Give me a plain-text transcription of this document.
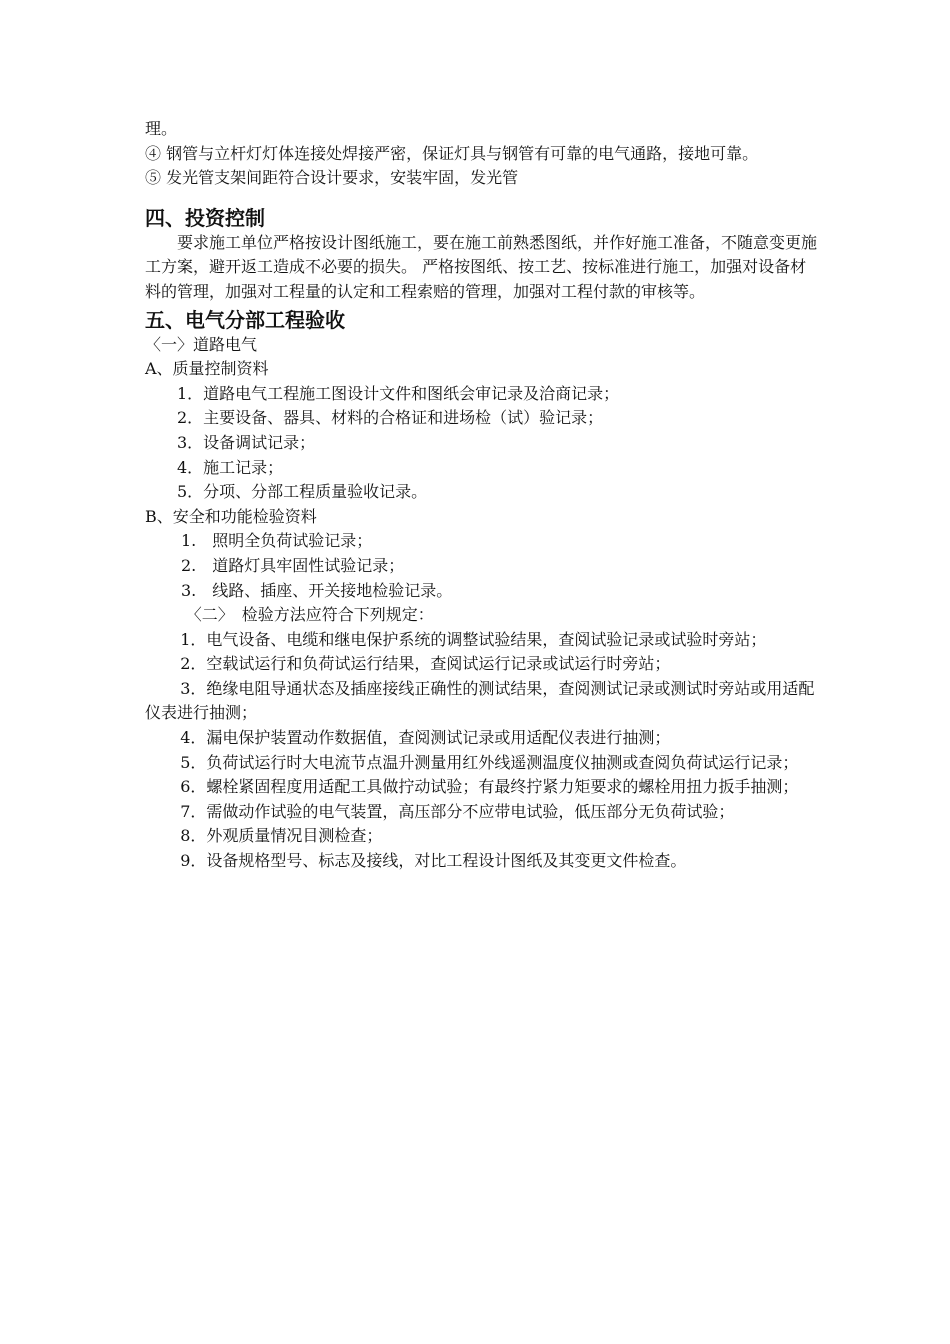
理。
④ 钢管与立杆灯灯体连接处焊接严密，保证灯具与钢管有可靠的电气通路，接地可靠。
⑤ 发光管支架间距符合设计要求，安装牢固，发光管
四、投资控制
要求施工单位严格按设计图纸施工，要在施工前熟悉图纸，并作好施工准备，不随意变更施工方案，避开返工造成不必要的损失。 严格按图纸、按工艺、按标准进行施工，加强对设备材料的管理，加强对工程量的认定和工程索赔的管理，加强对工程付款的审核等。
五、电气分部工程验收
〈一〉道路电气
A、质量控制资料
1．道路电气工程施工图设计文件和图纸会审记录及洽商记录；
2．主要设备、器具、材料的合格证和进场检（试）验记录；
3．设备调试记录；
4．施工记录；
5．分项、分部工程质量验收记录。
B、安全和功能检验资料
1.　照明全负荷试验记录；
2.　道路灯具牢固性试验记录；
3.　线路、插座、开关接地检验记录。
〈二〉　检验方法应符合下列规定：
1．电气设备、电缆和继电保护系统的调整试验结果，查阅试验记录或试验时旁站；
2．空载试运行和负荷试运行结果，查阅试运行记录或试运行时旁站；
3．绝缘电阻导通状态及插座接线正确性的测试结果，查阅测试记录或测试时旁站或用适配仪表进行抽测；
4．漏电保护装置动作数据值，查阅测试记录或用适配仪表进行抽测；
5．负荷试运行时大电流节点温升测量用红外线遥测温度仪抽测或查阅负荷试运行记录；
6．螺栓紧固程度用适配工具做拧动试验；有最终拧紧力矩要求的螺栓用扭力扳手抽测；
7．需做动作试验的电气装置，高压部分不应带电试验，低压部分无负荷试验；
8．外观质量情况目测检查；
9．设备规格型号、标志及接线，对比工程设计图纸及其变更文件检查。
